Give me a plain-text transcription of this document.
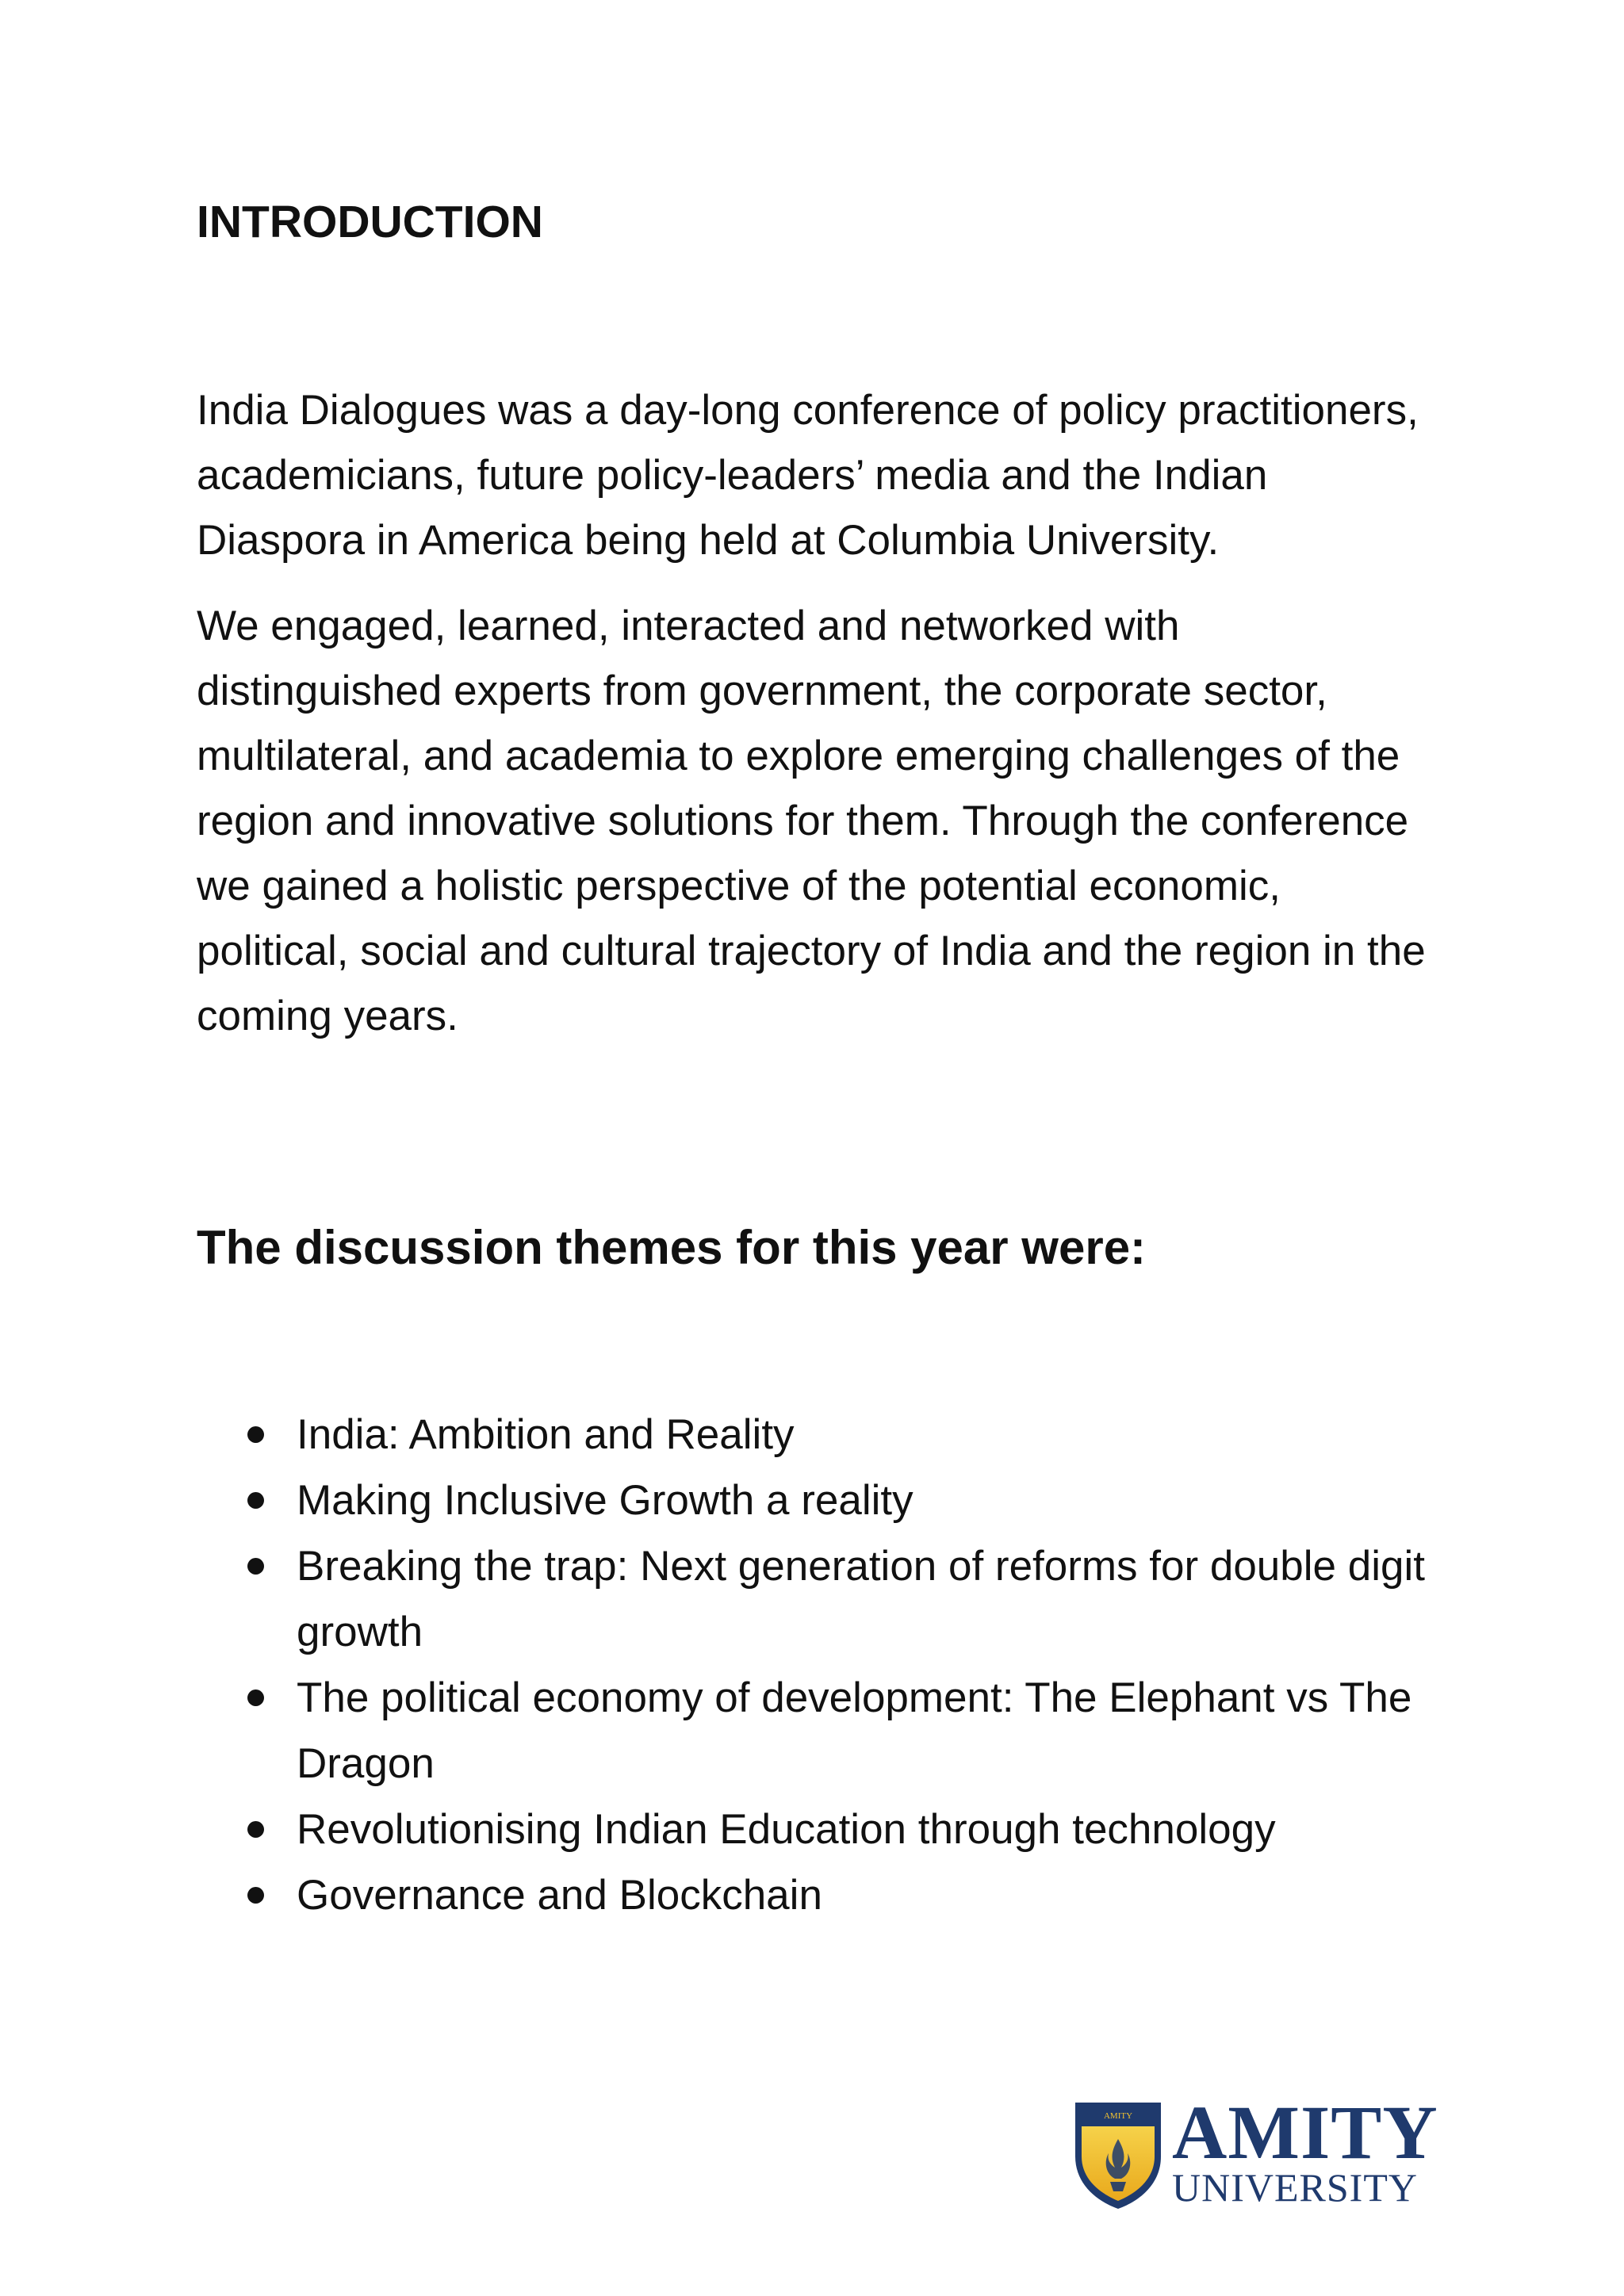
INTRODUCTION

India Dialogues was a day-long conference of policy practitioners, academicians, future policy-leaders’ media and the Indian Diaspora in America being held at Columbia University.

We engaged, learned, interacted and networked with distinguished experts from government, the corporate sector, multilateral, and academia to explore emerging challenges of the region and innovative solutions for them. Through the conference we gained a holistic perspective of the potential economic, political, social and cultural trajectory of India and the region in the coming years.

The discussion themes for this year were:
India: Ambition and Reality
Making Inclusive Growth a reality
Breaking the trap: Next generation of reforms for double digit growth
The political economy of development: The Elephant vs The Dragon
Revolutionising Indian Education through technology
Governance and Blockchain
AMITY AMITY
UNIVERSITY
